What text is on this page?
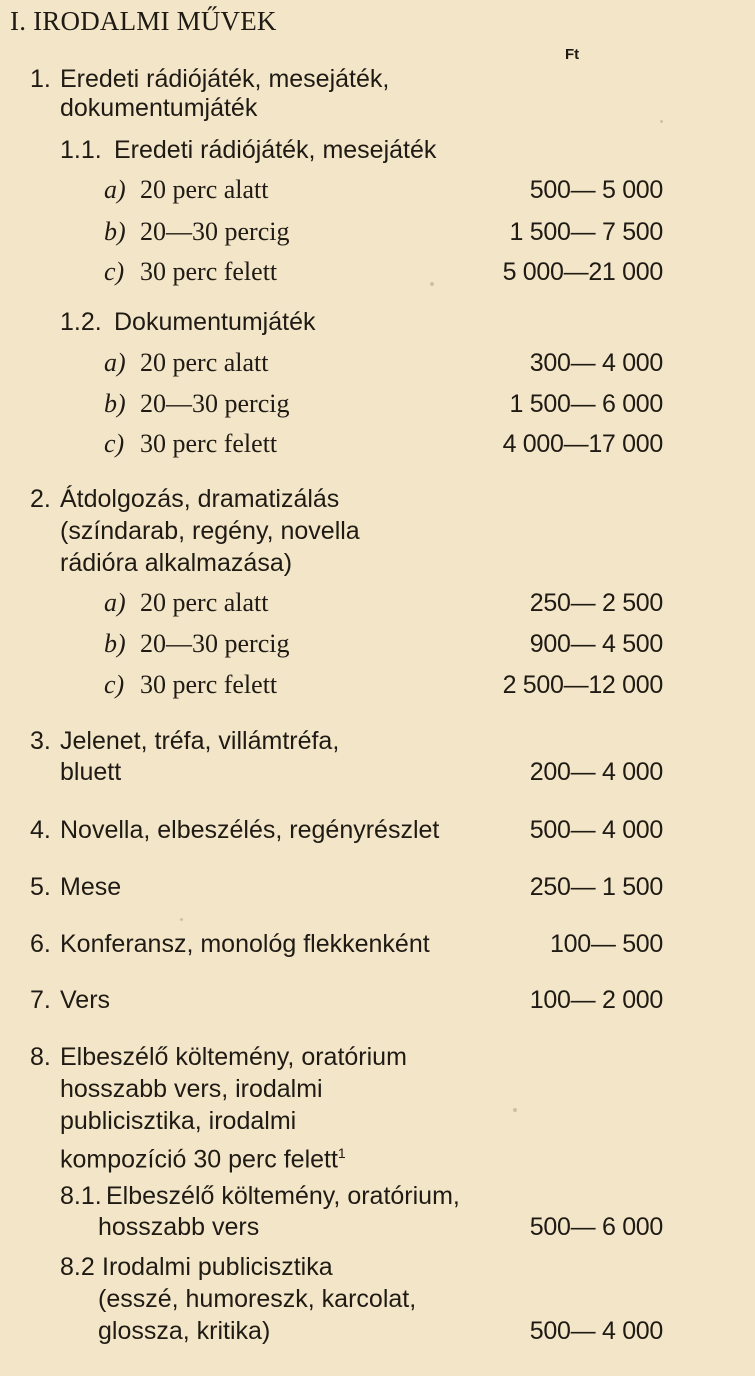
I. IRODALMI MŰVEK
Ft
1. Eredeti rádiójáték, mesejáték,
dokumentumjáték
1.1. Eredeti rádiójáték, mesejáték
a) 20 perc alatt	500— 5 000
b) 20—30 percig	1 500— 7 500
c) 30 perc felett	5 000—21 000
1.2. Dokumentumjáték
a) 20 perc alatt	300— 4 000
b) 20—30 percig	1 500— 6 000
c) 30 perc felett	4 000—17 000
2. Átdolgozás, dramatizálás
(színdarab, regény, novella
rádióra alkalmazása)
a) 20 perc alatt	250— 2 500
b) 20—30 percig	900— 4 500
c) 30 perc felett	2 500—12 000
3. Jelenet, tréfa, villámtréfa,
bluett	200— 4 000
4. Novella, elbeszélés, regényrészlet	500— 4 000
5. Mese	250— 1 500
6. Konferansz, monológ flekkenként	100— 500
7. Vers	100— 2 000
8. Elbeszélő költemény, oratórium
hosszabb vers, irodalmi
publicisztika, irodalmi
kompozíció 30 perc felett$^1$
8.1. Elbeszélő költemény, oratórium,
hosszabb vers	500— 6 000
8.2 Irodalmi publicisztika
(esszé, humoreszk, karcolat,
glossza, kritika)	500— 4 000
